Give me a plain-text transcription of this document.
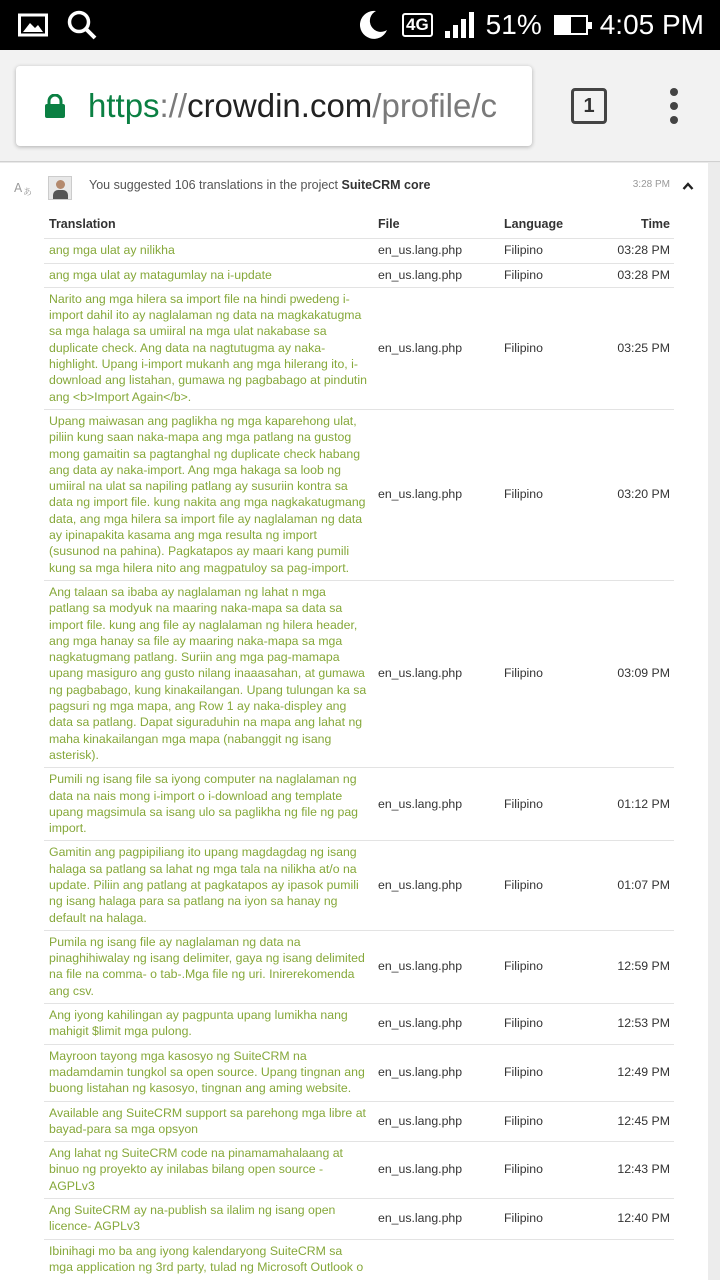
4G 51% 4:05 PM
https://crowdin.com/profile/c	1
A あ
You suggested 106 translations in the project SuiteCRM core	3:28 PM
Translation	File	Language	Time
ang mga ulat ay nilikha	en_us.lang.php	Filipino	03:28 PM
ang mga ulat ay matagumlay na i-update	en_us.lang.php	Filipino	03:28 PM
Narito ang mga hilera sa import file na hindi pwedeng i-import dahil ito ay naglalaman ng data na magkakatugma sa mga halaga sa umiiral na mga ulat nakabase sa duplicate check. Ang data na nagtutugma ay naka-highlight. Upang i-import mukanh ang mga hilerang ito, i-download ang listahan, gumawa ng pagbabago at pindutin ang <b>Import Again</b>.	en_us.lang.php	Filipino	03:25 PM
Upang maiwasan ang paglikha ng mga kaparehong ulat, piliin kung saan naka-mapa ang mga patlang na gustog mong gamaitin sa pagtanghal ng duplicate check habang ang data ay naka-import. Ang mga hakaga sa loob ng umiiral na ulat sa napiling patlang ay susuriin kontra sa data ng import file. kung nakita ang mga nagkakatugmang data, ang mga hilera sa import file ay naglalaman ng data ay ipinapakita kasama ang mga resulta ng import (susunod na pahina). Pagkatapos ay maari kang pumili kung sa mga hilera nito ang magpatuloy sa pag-import.	en_us.lang.php	Filipino	03:20 PM
Ang talaan sa ibaba ay naglalaman ng lahat n mga patlang sa modyuk na maaring naka-mapa sa data sa import file. kung ang file ay naglalaman ng hilera header, ang mga hanay sa file ay maaring naka-mapa sa mga nagkatugmang patlang. Suriin ang mga pag-mamapa upang masiguro ang gusto nilang inaaasahan, at gumawa ng pagbabago, kung kinakailangan. Upang tulungan ka sa pagsuri ng mga mapa, ang Row 1 ay naka-displey ang data sa patlang. Dapat siguraduhin na mapa ang lahat ng maha kinakailangan mga mapa (nabanggit ng isang asterisk).	en_us.lang.php	Filipino	03:09 PM
Pumili ng isang file sa iyong computer na naglalaman ng data na nais mong i-import o i-download ang template upang magsimula sa isang ulo sa paglikha ng file ng pag import.	en_us.lang.php	Filipino	01:12 PM
Gamitin ang pagpipiliang ito upang magdagdag ng isang halaga sa patlang sa lahat ng mga tala na nilikha at/o na update. Piliin ang patlang at pagkatapos ay ipasok pumili ng isang halaga para sa patlang na iyon sa hanay ng default na halaga.	en_us.lang.php	Filipino	01:07 PM
Pumila ng isang file ay naglalaman ng data na pinaghihiwalay ng isang delimiter, gaya ng isang delimited na file na comma- o tab-.Mga file ng uri. Inirerekomenda ang csv.	en_us.lang.php	Filipino	12:59 PM
Ang iyong kahilingan ay pagpunta upang lumikha nang mahigit $limit mga pulong.	en_us.lang.php	Filipino	12:53 PM
Mayroon tayong mga kasosyo ng SuiteCRM na madamdamin tungkol sa open source. Upang tingnan ang buong listahan ng kasosyo, tingnan ang aming website.	en_us.lang.php	Filipino	12:49 PM
Available ang SuiteCRM support sa parehong mga libre at bayad-para sa mga opsyon	en_us.lang.php	Filipino	12:45 PM
Ang lahat ng SuiteCRM code na pinamamahalaang at binuo ng proyekto ay inilabas bilang open source - AGPLv3	en_us.lang.php	Filipino	12:43 PM
Ang SuiteCRM ay na-publish sa ilalim ng isang open licence- AGPLv3	en_us.lang.php	Filipino	12:40 PM
Ibinihagi mo ba ang iyong kalendaryong SuiteCRM sa mga application ng 3rd party, tulad ng Microsoft Outlook o			
